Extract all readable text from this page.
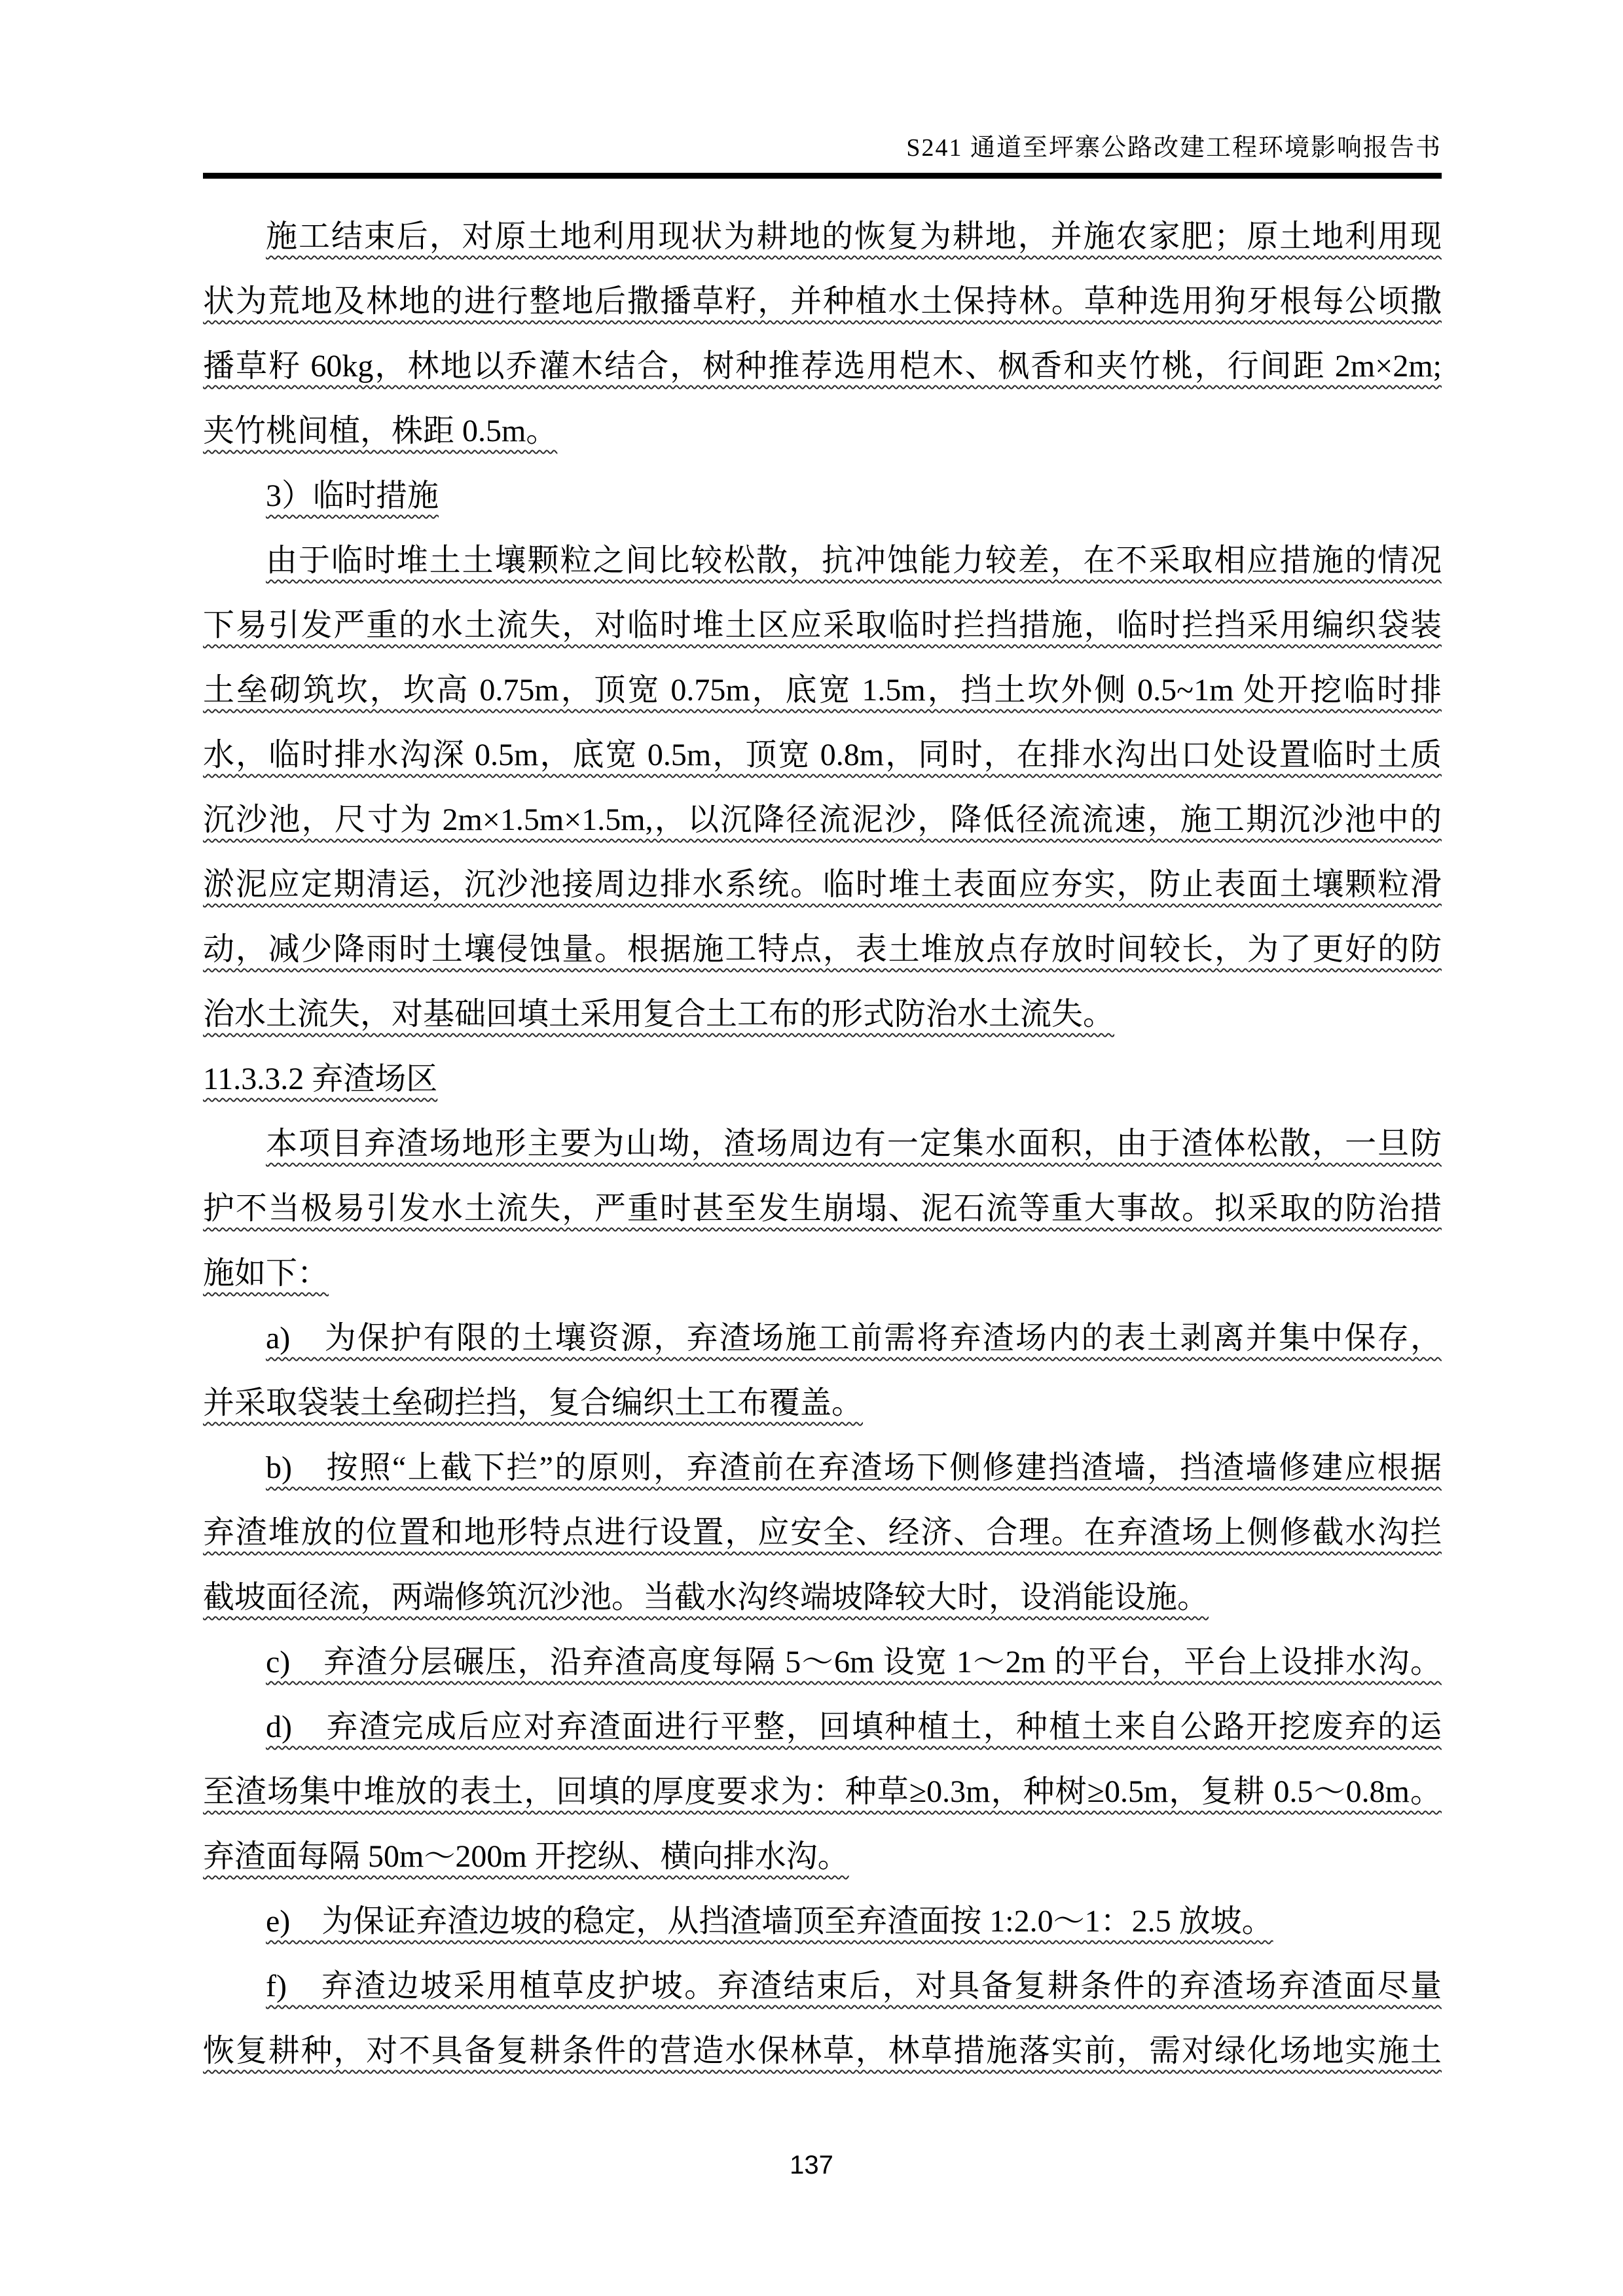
S241 通道至坪寨公路改建工程环境影响报告书
施工结束后，对原土地利用现状为耕地的恢复为耕地，并施农家肥；原土地利用现
状为荒地及林地的进行整地后撒播草籽，并种植水土保持林。草种选用狗牙根每公顷撒
播草籽 60kg，林地以乔灌木结合，树种推荐选用桤木、枫香和夹竹桃，行间距 2m×2m;
夹竹桃间植，株距 0.5m。
3）临时措施
由于临时堆土土壤颗粒之间比较松散，抗冲蚀能力较差，在不采取相应措施的情况
下易引发严重的水土流失，对临时堆土区应采取临时拦挡措施，临时拦挡采用编织袋装
土垒砌筑坎，坎高 0.75m，顶宽 0.75m，底宽 1.5m，挡土坎外侧 0.5~1m 处开挖临时排
水，临时排水沟深 0.5m，底宽 0.5m，顶宽 0.8m，同时，在排水沟出口处设置临时土质
沉沙池，尺寸为 2m×1.5m×1.5m,，以沉降径流泥沙，降低径流流速，施工期沉沙池中的
淤泥应定期清运，沉沙池接周边排水系统。临时堆土表面应夯实，防止表面土壤颗粒滑
动，减少降雨时土壤侵蚀量。根据施工特点，表土堆放点存放时间较长，为了更好的防
治水土流失，对基础回填土采用复合土工布的形式防治水土流失。
11.3.3.2 弃渣场区
本项目弃渣场地形主要为山坳，渣场周边有一定集水面积，由于渣体松散，一旦防
护不当极易引发水土流失，严重时甚至发生崩塌、泥石流等重大事故。拟采取的防治措
施如下：
a)　为保护有限的土壤资源，弃渣场施工前需将弃渣场内的表土剥离并集中保存，
并采取袋装土垒砌拦挡，复合编织土工布覆盖。
b)　按照“上截下拦”的原则，弃渣前在弃渣场下侧修建挡渣墙，挡渣墙修建应根据
弃渣堆放的位置和地形特点进行设置，应安全、经济、合理。在弃渣场上侧修截水沟拦
截坡面径流，两端修筑沉沙池。当截水沟终端坡降较大时，设消能设施。
c)　弃渣分层碾压，沿弃渣高度每隔 5～6m 设宽 1～2m 的平台，平台上设排水沟。
d)　弃渣完成后应对弃渣面进行平整，回填种植土，种植土来自公路开挖废弃的运
至渣场集中堆放的表土，回填的厚度要求为：种草≥0.3m，种树≥0.5m，复耕 0.5～0.8m。
弃渣面每隔 50m～200m 开挖纵、横向排水沟。
e)　为保证弃渣边坡的稳定，从挡渣墙顶至弃渣面按 1:2.0～1：2.5 放坡。
f)　弃渣边坡采用植草皮护坡。弃渣结束后，对具备复耕条件的弃渣场弃渣面尽量
恢复耕种，对不具备复耕条件的营造水保林草，林草措施落实前，需对绿化场地实施土
137
